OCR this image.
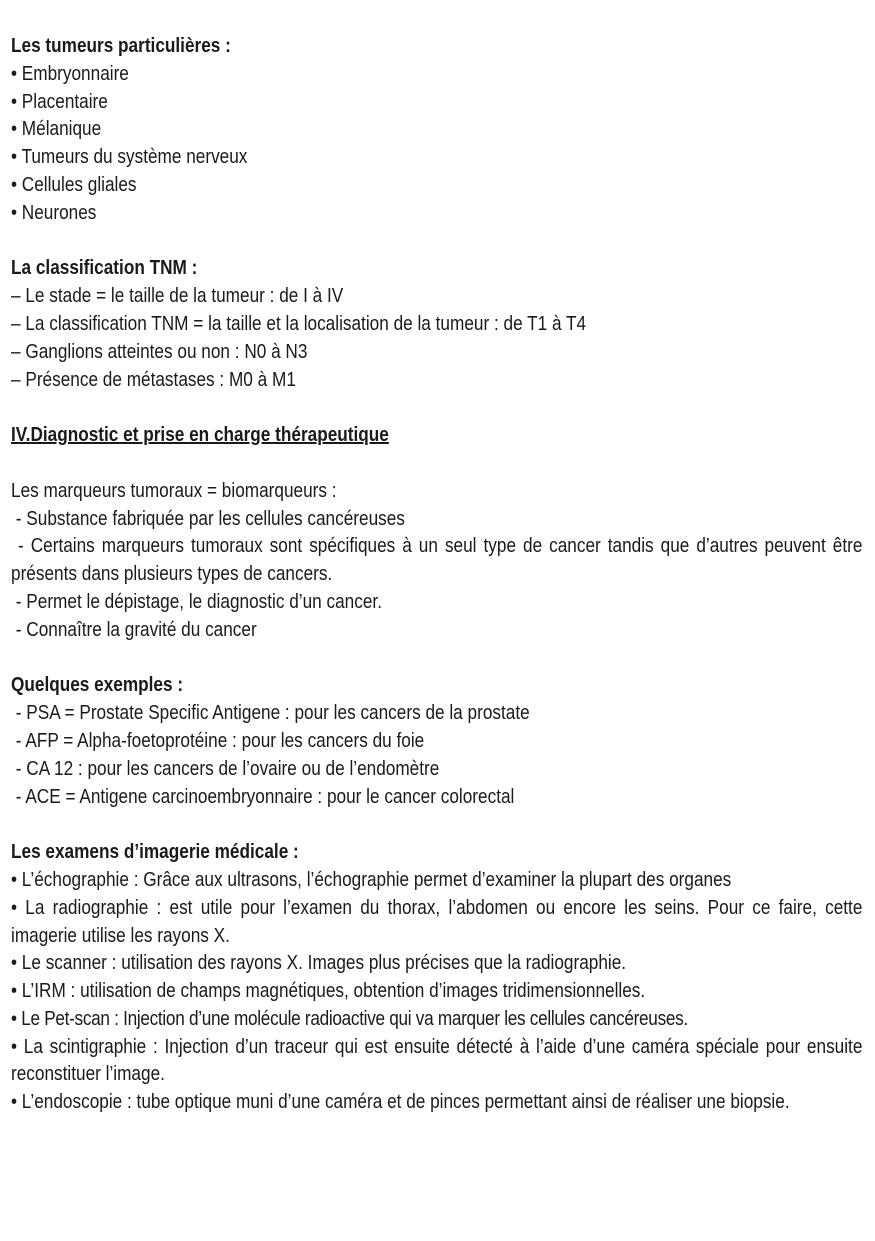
Les tumeurs particulières :

• Embryonnaire

• Placentaire

• Mélanique

• Tumeurs du système nerveux

• Cellules gliales

• Neurones

La classification TNM :

– Le stade = le taille de la tumeur : de I à IV

– La classification TNM = la taille et la localisation de la tumeur : de T1 à T4

– Ganglions atteintes ou non : N0 à N3

– Présence de métastases : M0 à M1

IV.Diagnostic et prise en charge thérapeutique

Les marqueurs tumoraux = biomarqueurs :

- Substance fabriquée par les cellules cancéreuses

- Certains marqueurs tumoraux sont spécifiques à un seul type de cancer tandis que d’autres peuvent être présents dans plusieurs types de cancers.

- Permet le dépistage, le diagnostic d’un cancer.

- Connaître la gravité du cancer

Quelques exemples :

- PSA = Prostate Specific Antigene : pour les cancers de la prostate

- AFP = Alpha-foetoprotéine : pour les cancers du foie

- CA 12 : pour les cancers de l’ovaire ou de l’endomètre

- ACE = Antigene carcinoembryonnaire : pour le cancer colorectal

Les examens d’imagerie médicale :

• L’échographie : Grâce aux ultrasons, l’échographie permet d’examiner la plupart des organes

• La radiographie : est utile pour l’examen du thorax, l’abdomen ou encore les seins. Pour ce faire, cette imagerie utilise les rayons X.

• Le scanner : utilisation des rayons X. Images plus précises que la radiographie.

• L’IRM : utilisation de champs magnétiques, obtention d’images tridimensionnelles.

• Le Pet-scan : Injection d’une molécule radioactive qui va marquer les cellules cancéreuses.

• La scintigraphie : Injection d’un traceur qui est ensuite détecté à l’aide d’une caméra spéciale pour ensuite reconstituer l’image.

• L’endoscopie : tube optique muni d’une caméra et de pinces permettant ainsi de réaliser une biopsie.
